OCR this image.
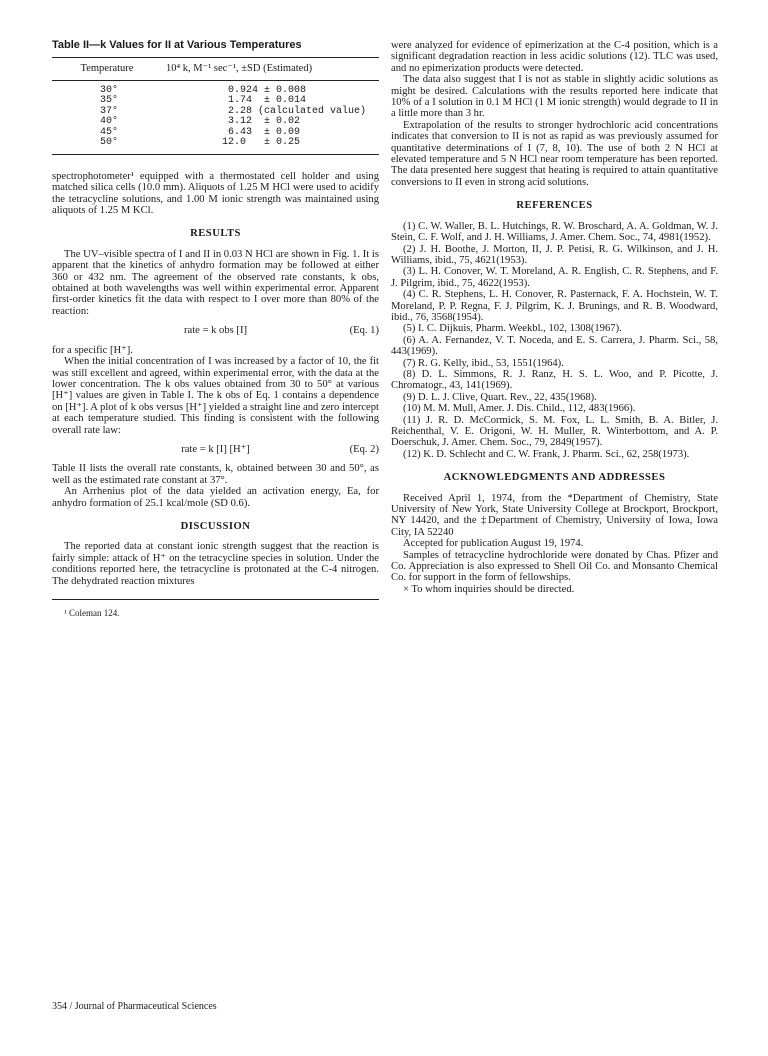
Table II—k Values for II at Various Temperatures
Temperature	10⁴ k, M⁻¹ sec⁻¹, ±SD (Estimated)
30°	0.924 ± 0.008
35°	1.74  ± 0.014
37°	2.28 (calculated value)
40°	3.12  ± 0.02
45°	6.43  ± 0.09
50°	12.0   ± 0.25

spectrophotometer¹ equipped with a thermostated cell holder and using matched silica cells (10.0 mm). Aliquots of 1.25 M HCl were used to acidify the tetracycline solutions, and 1.00 M ionic strength was maintained using aliquots of 1.25 M KCl.

RESULTS

The UV–visible spectra of I and II in 0.03 N HCl are shown in Fig. 1. It is apparent that the kinetics of anhydro formation may be followed at either 360 or 432 nm. The agreement of the observed rate constants, k obs, obtained at both wavelengths was well within experimental error. Apparent first-order kinetics fit the data with respect to I over more than 80% of the reaction:

rate = k obs [I]	(Eq. 1)

for a specific [H⁺].

When the initial concentration of I was increased by a factor of 10, the fit was still excellent and agreed, within experimental error, with the data at the lower concentration. The k obs values obtained from 30 to 50° at various [H⁺] values are given in Table I. The k obs of Eq. 1 contains a dependence on [H⁺]. A plot of k obs versus [H⁺] yielded a straight line and zero intercept at each temperature studied. This finding is consistent with the following overall rate law:

rate = k [I] [H⁺]	(Eq. 2)

Table II lists the overall rate constants, k, obtained between 30 and 50°, as well as the estimated rate constant at 37°.

An Arrhenius plot of the data yielded an activation energy, Ea, for anhydro formation of 25.1 kcal/mole (SD 0.6).

DISCUSSION

The reported data at constant ionic strength suggest that the reaction is fairly simple: attack of H⁺ on the tetracycline species in solution. Under the conditions reported here, the tetracycline is protonated at the C-4 nitrogen. The dehydrated reaction mixtures

¹ Coleman 124.

were analyzed for evidence of epimerization at the C-4 position, which is a significant degradation reaction in less acidic solutions (12). TLC was used, and no epimerization products were detected.

The data also suggest that I is not as stable in slightly acidic solutions as might be desired. Calculations with the results reported here indicate that 10% of a I solution in 0.1 M HCl (1 M ionic strength) would degrade to II in a little more than 3 hr.

Extrapolation of the results to stronger hydrochloric acid concentrations indicates that conversion to II is not as rapid as was previously assumed for quantitative determinations of I (7, 8, 10). The use of both 2 N HCl at elevated temperature and 5 N HCl near room temperature has been reported. The data presented here suggest that heating is required to attain quantitative conversions to II even in strong acid solutions.

REFERENCES

(1) C. W. Waller, B. L. Hutchings, R. W. Broschard, A. A. Goldman, W. J. Stein, C. F. Wolf, and J. H. Williams, J. Amer. Chem. Soc., 74, 4981(1952).

(2) J. H. Boothe, J. Morton, II, J. P. Petisi, R. G. Wilkinson, and J. H. Williams, ibid., 75, 4621(1953).

(3) L. H. Conover, W. T. Moreland, A. R. English, C. R. Stephens, and F. J. Pilgrim, ibid., 75, 4622(1953).

(4) C. R. Stephens, L. H. Conover, R. Pasternack, F. A. Hochstein, W. T. Moreland, P. P. Regna, F. J. Pilgrim, K. J. Brunings, and R. B. Woodward, ibid., 76, 3568(1954).

(5) I. C. Dijkuis, Pharm. Weekbl., 102, 1308(1967).

(6) A. A. Fernandez, V. T. Noceda, and E. S. Carrera, J. Pharm. Sci., 58, 443(1969).

(7) R. G. Kelly, ibid., 53, 1551(1964).

(8) D. L. Simmons, R. J. Ranz, H. S. L. Woo, and P. Picotte, J. Chromatogr., 43, 141(1969).

(9) D. L. J. Clive, Quart. Rev., 22, 435(1968).

(10) M. M. Mull, Amer. J. Dis. Child., 112, 483(1966).

(11) J. R. D. McCormick, S. M. Fox, L. L. Smith, B. A. Bitler, J. Reichenthal, V. E. Origoni, W. H. Muller, R. Winterbottom, and A. P. Doerschuk, J. Amer. Chem. Soc., 79, 2849(1957).

(12) K. D. Schlecht and C. W. Frank, J. Pharm. Sci., 62, 258(1973).

ACKNOWLEDGMENTS AND ADDRESSES

Received April 1, 1974, from the *Department of Chemistry, State University of New York, State University College at Brockport, Brockport, NY 14420, and the ‡Department of Chemistry, University of Iowa, Iowa City, IA 52240

Accepted for publication August 19, 1974.

Samples of tetracycline hydrochloride were donated by Chas. Pfizer and Co. Appreciation is also expressed to Shell Oil Co. and Monsanto Chemical Co. for support in the form of fellowships.

× To whom inquiries should be directed.

354 / Journal of Pharmaceutical Sciences
